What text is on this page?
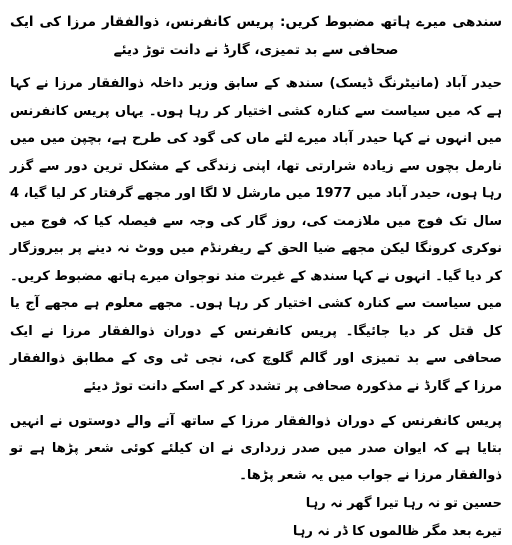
سندھی میرے ہاتھ مضبوط کریں: پریس کانفرنس، ذوالفقار مرزا کی ایک صحافی سے بد تمیزی، گارڈ نے دانت توڑ دیئے

حیدر آباد (مانیٹرنگ ڈیسک) سندھ کے سابق وزیر داخلہ ذوالفقار مرزا نے کہا ہے کہ میں سیاست سے کنارہ کشی اختیار کر رہا ہوں۔ یہاں پریس کانفرنس میں انہوں نے کہا حیدر آباد میرے لئے ماں کی گود کی طرح ہے، بچپن میں میں نارمل بچوں سے زیادہ شرارتی تھا، اپنی زندگی کے مشکل ترین دور سے گزر رہا ہوں، حیدر آباد میں 1977 میں مارشل لا لگا اور مجھے گرفتار کر لیا گیا، 4 سال تک فوج میں ملازمت کی، روز گار کی وجہ سے فیصلہ کیا کہ فوج میں نوکری کرونگا لیکن مجھے ضیا الحق کے ریفرنڈم میں ووٹ نہ دینے پر بیروزگار کر دیا گیا۔ انہوں نے کہا سندھ کے غیرت مند نوجوان میرے ہاتھ مضبوط کریں۔ میں سیاست سے کنارہ کشی اختیار کر رہا ہوں۔ مجھے معلوم ہے مجھے آج یا کل قتل کر دیا جائیگا۔ پریس کانفرنس کے دوران ذوالفقار مرزا نے ایک صحافی سے بد تمیزی اور گالم گلوچ کی، نجی ٹی وی کے مطابق ذوالفقار مرزا کے گارڈ نے مذکورہ صحافی پر تشدد کر کے اسکے دانت توڑ دیئے

پریس کانفرنس کے دوران ذوالفقار مرزا کے ساتھ آنے والے دوستوں نے انہیں بتایا ہے کہ ایوان صدر میں صدر زرداری نے ان کیلئے کوئی شعر پڑھا ہے تو ذوالفقار مرزا نے جواب میں یہ شعر پڑھا۔

حسین تو نہ رہا تیرا گھر نہ رہا

تیرے بعد مگر ظالموں کا ڈر نہ رہا
